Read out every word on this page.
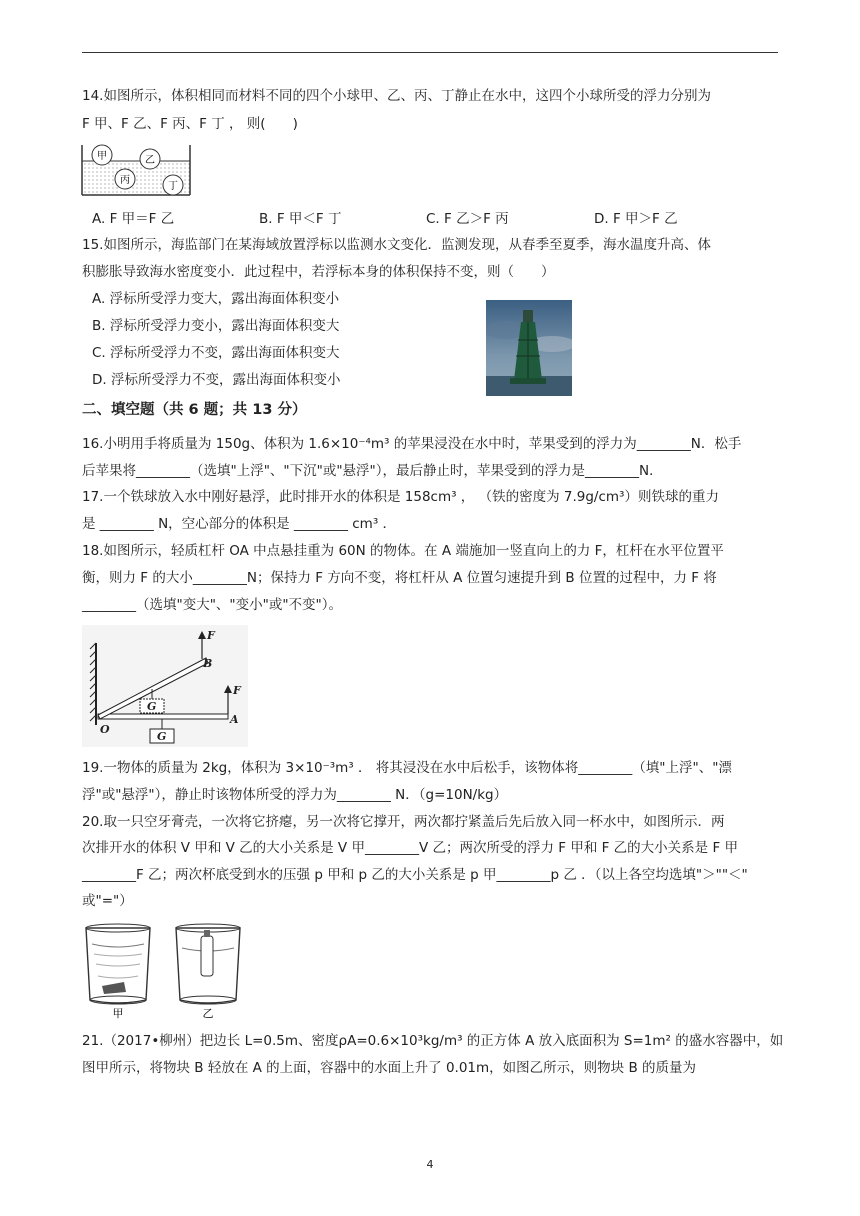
14.如图所示，体积相同而材料不同的四个小球甲、乙、丙、丁静止在水中，这四个小球所受的浮力分别为
F 甲、F 乙、F 丙、F 丁 ， 则(　　)
甲	乙
丙
丁
A. F 甲＝F 乙	B. F 甲＜F 丁	C. F 乙＞F 丙	D. F 甲＞F 乙
15.如图所示，海监部门在某海域放置浮标以监测水文变化．监测发现，从春季至夏季，海水温度升高、体
积膨胀导致海水密度变小．此过程中，若浮标本身的体积保持不变，则（　　）
A. 浮标所受浮力变大，露出海面体积变小
B. 浮标所受浮力变小，露出海面体积变大
C. 浮标所受浮力不变，露出海面体积变大
D. 浮标所受浮力不变，露出海面体积变小
二、填空题（共 6 题；共 13 分）
16.小明用手将质量为 150g、体积为 1.6×10⁻⁴m³ 的苹果浸没在水中时，苹果受到的浮力为________N．松手
后苹果将________（选填"上浮"、"下沉"或"悬浮"），最后静止时，苹果受到的浮力是________N．
17.一个铁球放入水中刚好悬浮，此时排开水的体积是 158cm³ ， （铁的密度为 7.9g/cm³）则铁球的重力
是 ________ N，空心部分的体积是 ________ cm³ ．
18.如图所示，轻质杠杆 OA 中点悬挂重为 60N 的物体。在 A 端施加一竖直向上的力 F，杠杆在水平位置平
衡，则力 F 的大小________N；保持力 F 方向不变，将杠杆从 A 位置匀速提升到 B 位置的过程中，力 F 将
________（选填"变大"、"变小"或"不变"）。
F
B
F
A
O
G
G
19.一物体的质量为 2kg，体积为 3×10⁻³m³ ． 将其浸没在水中后松手，该物体将________（填"上浮"、"漂
浮"或"悬浮"），静止时该物体所受的浮力为________ N．（g=10N/kg）
20.取一只空牙膏壳，一次将它挤瘪，另一次将它撑开，两次都拧紧盖后先后放入同一杯水中，如图所示．两
次排开水的体积 V 甲和 V 乙的大小关系是 V 甲________V 乙；两次所受的浮力 F 甲和 F 乙的大小关系是 F 甲
________F 乙；两次杯底受到水的压强 p 甲和 p 乙的大小关系是 p 甲________p 乙 ．（以上各空均选填"＞""＜"
或"="）
甲	乙
21.（2017•柳州）把边长 L=0.5m、密度ρA=0.6×10³kg/m³ 的正方体 A 放入底面积为 S=1m² 的盛水容器中，如
图甲所示，将物块 B 轻放在 A 的上面，容器中的水面上升了 0.01m，如图乙所示，则物块 B 的质量为
4
